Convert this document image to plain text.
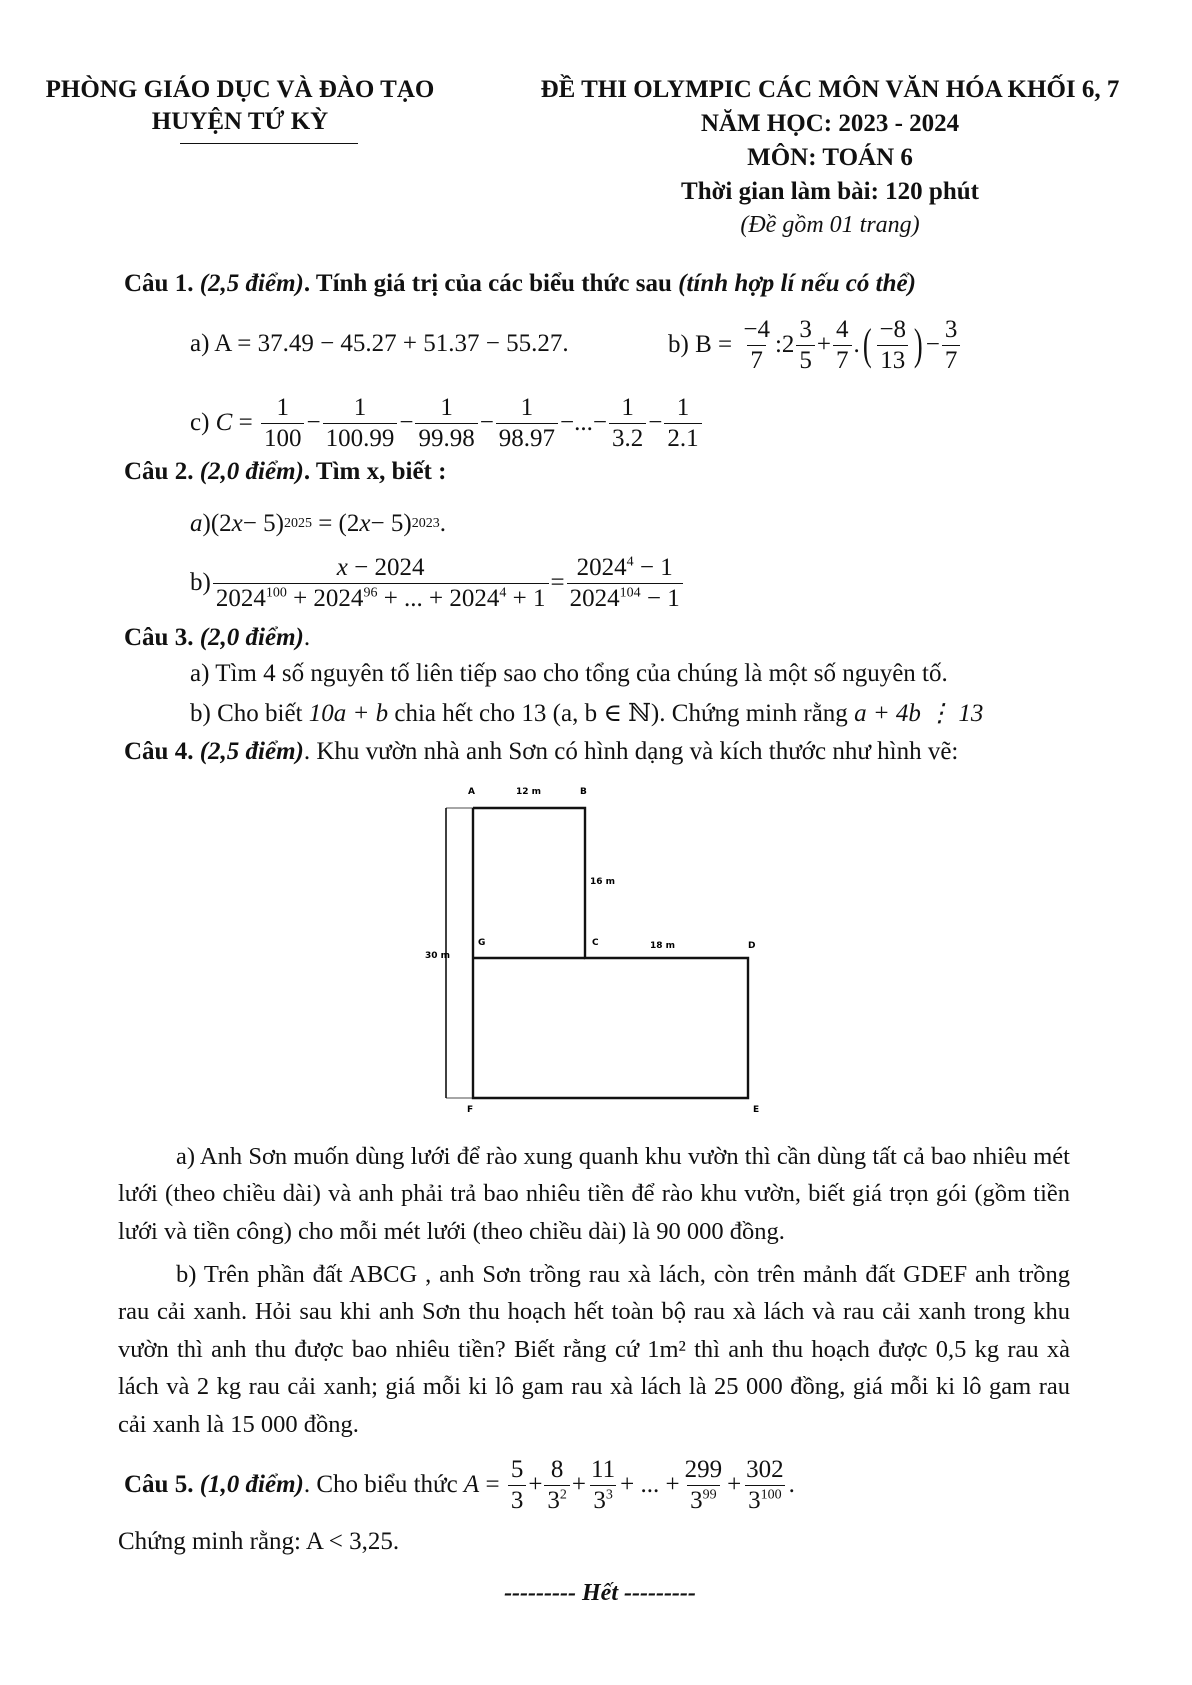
PHÒNG GIÁO DỤC VÀ ĐÀO TẠO
HUYỆN TỨ KỲ
ĐỀ THI OLYMPIC CÁC MÔN VĂN HÓA KHỐI 6, 7
NĂM HỌC: 2023 - 2024
MÔN: TOÁN 6
Thời gian làm bài: 120 phút
(Đề gồm 01 trang)
Câu 1. (2,5 điểm). Tính giá trị của các biểu thức sau (tính hợp lí nếu có thể)
a) A = 37.49 − 45.27 + 51.37 − 55.27.	b) B =
$\frac{-4}{7}$ :2 $\frac{3}{5} + \frac{4}{7}$ . ( $\frac{-8}{13}$ ) − $\frac{3}{7}$
c)
$C = \frac{1}{100} - \frac{1}{100.99} - \frac{1}{99.98} - \frac{1}{98.97}$ −...− $\frac{1}{3.2} - \frac{1}{2.1}$
Câu 2. (2,0 điểm). Tìm x, biết :
a )(2 x − 5) 2025 = (2 x − 5) 2023 .
$b) \frac{x - 2024}{2024^{100} + 2024^{96} + ... + 2024^4 + 1} = \frac{2024^4 - 1}{2024^{104} - 1}$
Câu 3. (2,0 điểm).
a) Tìm 4 số nguyên tố liên tiếp sao cho tổng của chúng là một số nguyên tố.
b) Cho biết 10a + b chia hết cho 13 (a, b ∈ ℕ). Chứng minh rằng a + 4b ⋮ 13
Câu 4. (2,5 điểm). Khu vườn nhà anh Sơn có hình dạng và kích thước như hình vẽ:
A	12 m	B
16 m
G	C	18 m	D
30 m
F	E
a) Anh Sơn muốn dùng lưới để rào xung quanh khu vườn thì cần dùng tất cả bao nhiêu mét lưới (theo chiều dài) và anh phải trả bao nhiêu tiền để rào khu vườn, biết giá trọn gói (gồm tiền lưới và tiền công) cho mỗi mét lưới (theo chiều dài) là 90 000 đồng.
b) Trên phần đất ABCG , anh Sơn trồng rau xà lách, còn trên mảnh đất GDEF anh trồng rau cải xanh. Hỏi sau khi anh Sơn thu hoạch hết toàn bộ rau xà lách và rau cải xanh trong khu vườn thì anh thu được bao nhiêu tiền? Biết rằng cứ 1m² thì anh thu hoạch được 0,5 kg rau xà lách và 2 kg rau cải xanh; giá mỗi ki lô gam rau xà lách là 25 000 đồng, giá mỗi ki lô gam rau cải xanh là 15 000 đồng.
Câu 5.
(1,0 điểm) . Cho biểu thức
$A = \frac{5}{3} + \frac{8}{3^2} + \frac{11}{3^3}$ + ... + $\frac{299}{3^{99}} + \frac{302}{3^{100}}$ .
Chứng minh rằng: A < 3,25.
--------- Hết ---------
